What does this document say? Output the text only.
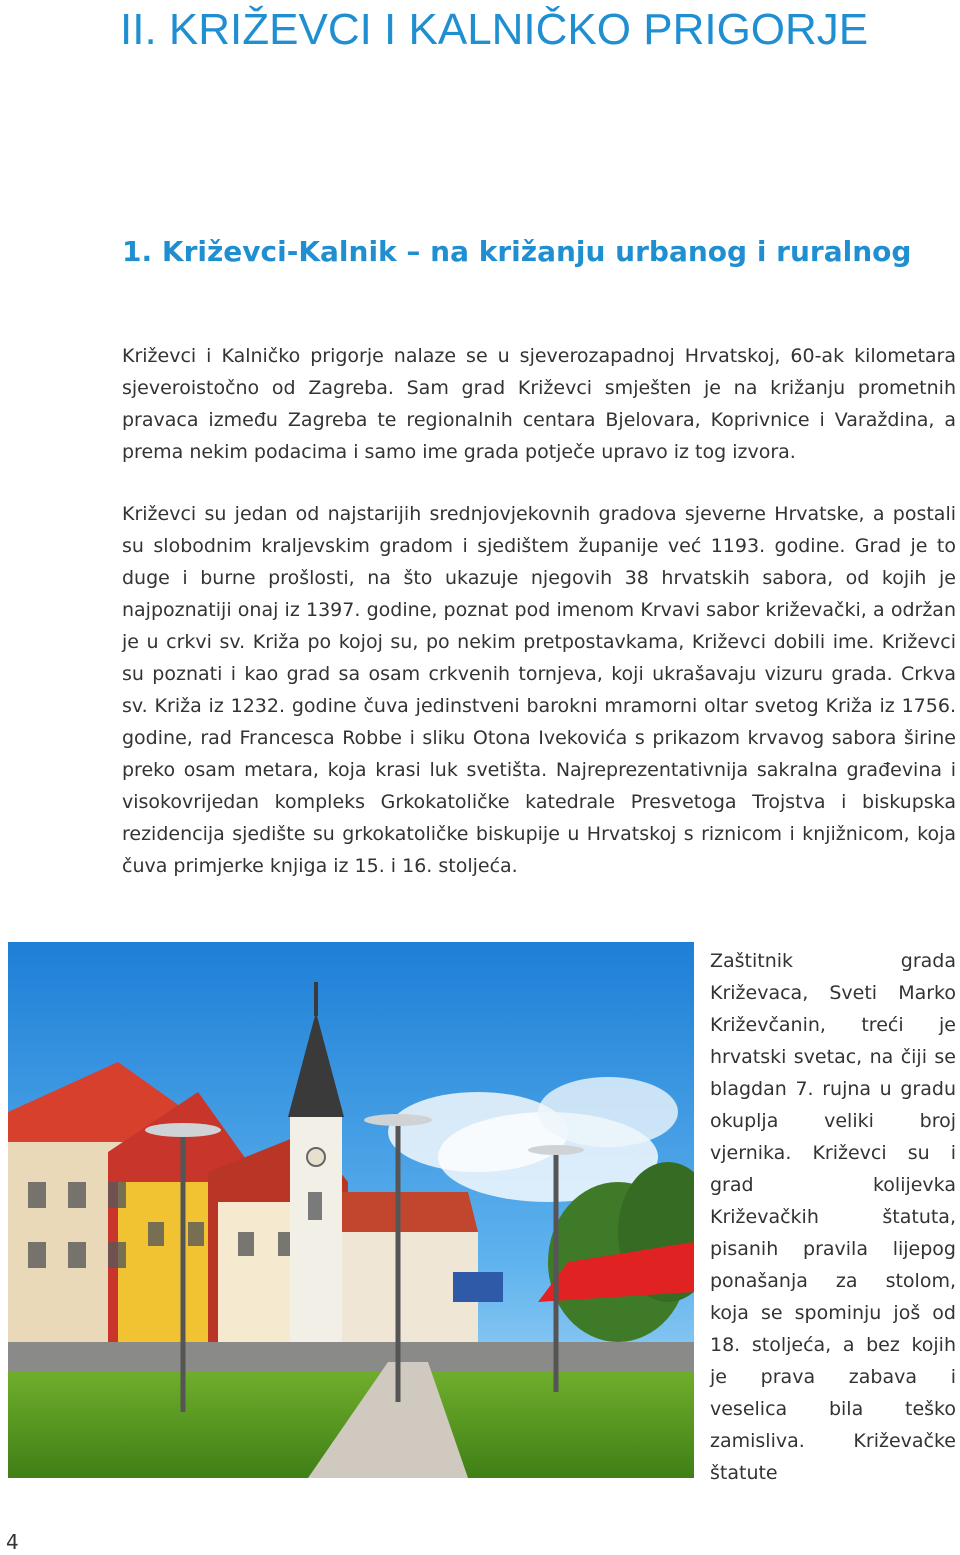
II. KRIŽEVCI I KALNIČKO PRIGORJE
1. Križevci-Kalnik – na križanju urbanog i ruralnog

Križevci i Kalničko prigorje nalaze se u sjeverozapadnoj Hrvatskoj, 60-ak kilometara sjeveroistočno od Zagreba. Sam grad Križevci smješten je na križanju prometnih pravaca između Zagreba te regionalnih centara Bjelovara, Koprivnice i Varaždina, a prema nekim podacima i samo ime grada potječe upravo iz tog izvora.

Križevci su jedan od najstarijih srednjovjekovnih gradova sjeverne Hrvatske, a postali su slobodnim kraljevskim gradom i sjedištem županije već 1193. godine. Grad je to duge i burne prošlosti, na što ukazuje njegovih 38 hrvatskih sabora, od kojih je najpoznatiji onaj iz 1397. godine, poznat pod imenom Krvavi sabor križevački, a održan je u crkvi sv. Križa po kojoj su, po nekim pretpostavkama, Križevci dobili ime. Križevci su poznati i kao grad sa osam crkvenih tornjeva, koji ukrašavaju vizuru grada. Crkva sv. Križa iz 1232. godine čuva jedinstveni barokni mramorni oltar svetog Križa iz 1756. godine, rad Francesca Robbe i sliku Otona Ivekovića s prikazom krvavog sabora širine preko osam metara, koja krasi luk svetišta. Najreprezentativnija sakralna građevina i visokovrijedan kompleks Grkokatoličke katedrale Presvetoga Trojstva i biskupska rezidencija sjedište su grkokatoličke biskupije u Hrvatskoj s riznicom i knjižnicom, koja čuva primjerke knjiga iz 15. i 16. stoljeća.

Zaštitnik grada Križevaca, Sveti Marko Križevčanin, treći je hrvatski svetac, na čiji se blagdan 7. rujna u gradu okuplja veliki broj vjernika. Križevci su i grad kolijevka Križevačkih štatuta, pisanih pravila lijepog ponašanja za stolom, koja se spominju još od 18. stoljeća, a bez kojih je prava zabava i veselica bila teško zamisliva. Križevačke štatute

4
